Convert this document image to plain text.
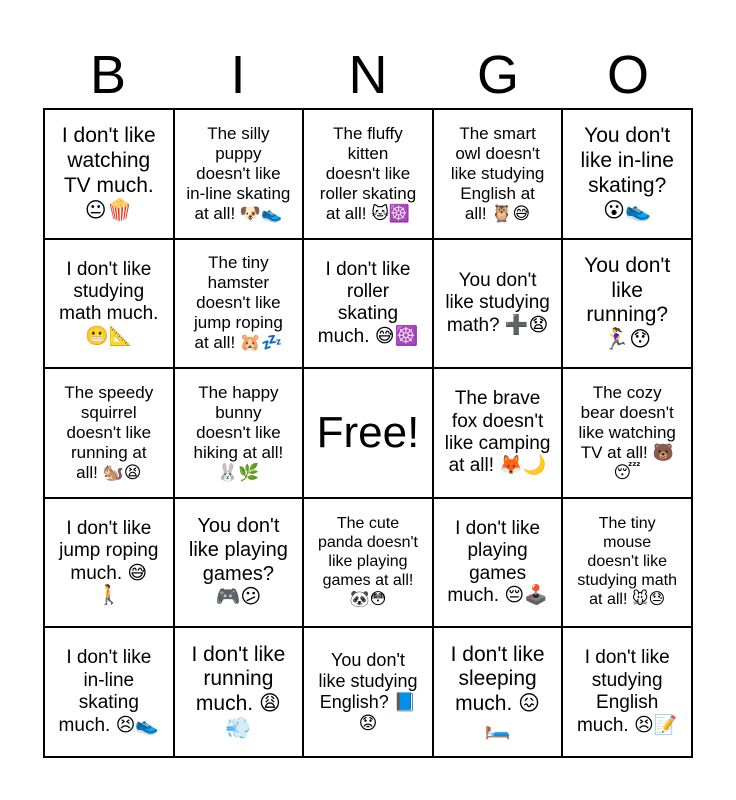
B	I	N	G	O
I don't like
watching
TV much.
😐🍿
The silly
puppy
doesn't like
in-line skating
at all! 🐶👟
The fluffy
kitten
doesn't like
roller skating
at all! 🐱☸️
The smart
owl doesn't
like studying
English at
all! 🦉😅
You don't
like in-line
skating?
😮👟
I don't like
studying
math much.
😬📐
The tiny
hamster
doesn't like
jump roping
at all! 🐹💤
I don't like
roller
skating
much. 😅☸️
You don't
like studying
math? ➕😧
You don't
like
running?
🏃‍♀️😯
The speedy
squirrel
doesn't like
running at
all! 🐿️😫
The happy
bunny
doesn't like
hiking at all!
🐰🌿
Free!
The brave
fox doesn't
like camping
at all! 🦊🌙
The cozy
bear doesn't
like watching
TV at all! 🐻
😴
I don't like
jump roping
much. 😅
🚶
You don't
like playing
games?
🎮😕
The cute
panda doesn't
like playing
games at all!
🐼😳
I don't like
playing
games
much. 😔🕹️
The tiny
mouse
doesn't like
studying math
at all! 🐭😓
I don't like
in-line
skating
much. 😣👟
I don't like
running
much. 😩
💨
You don't
like studying
English? 📘
😟
I don't like
sleeping
much. 😖
🛏️
I don't like
studying
English
much. 😣📝
